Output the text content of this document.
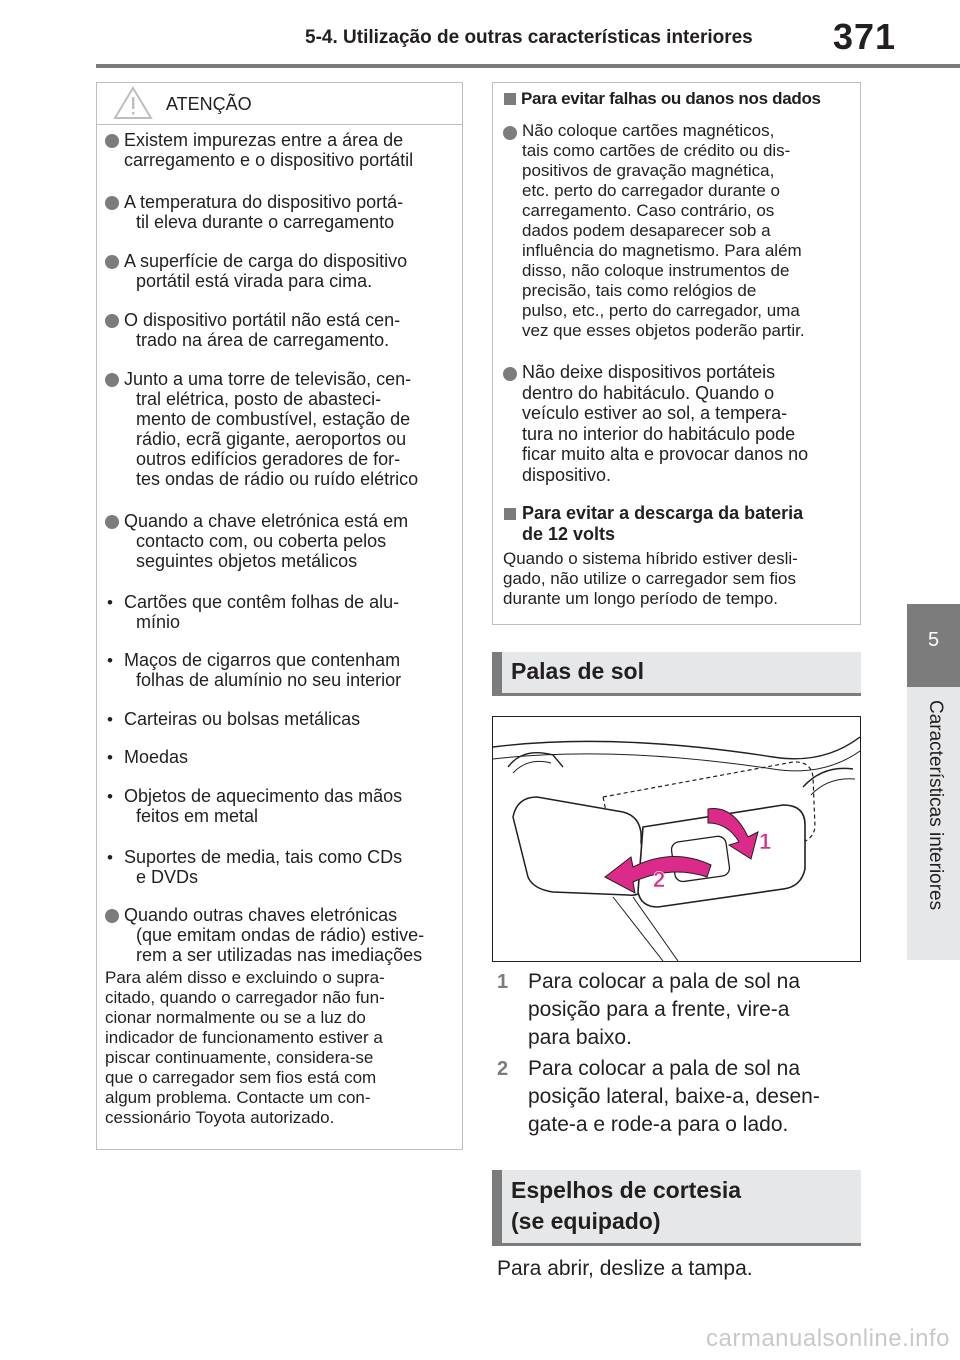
5-4. Utilização de outras características interiores 371
5
Características interiores
ATENÇÃO
Existem impurezas entre a área de
carregamento e o dispositivo portátil
A temperatura do dispositivo portá-
til eleva durante o carregamento
A superfície de carga do dispositivo
portátil está virada para cima.
O dispositivo portátil não está cen-
trado na área de carregamento.
Junto a uma torre de televisão, cen-
tral elétrica, posto de abasteci-
mento de combustível, estação de
rádio, ecrã gigante, aeroportos ou
outros edifícios geradores de for-
tes ondas de rádio ou ruído elétrico
Quando a chave eletrónica está em
contacto com, ou coberta pelos
seguintes objetos metálicos
• Cartões que contêm folhas de alu-
mínio
• Maços de cigarros que contenham
folhas de alumínio no seu interior
• Carteiras ou bolsas metálicas
• Moedas
• Objetos de aquecimento das mãos
feitos em metal
• Suportes de media, tais como CDs
e DVDs
Quando outras chaves eletrónicas
(que emitam ondas de rádio) estive-
rem a ser utilizadas nas imediações
Para além disso e excluindo o supra-
citado, quando o carregador não fun-
cionar normalmente ou se a luz do
indicador de funcionamento estiver a
piscar continuamente, considera-se
que o carregador sem fios está com
algum problema. Contacte um con-
cessionário Toyota autorizado.
Para evitar falhas ou danos nos dados
Não coloque cartões magnéticos,
tais como cartões de crédito ou dis-
positivos de gravação magnética,
etc. perto do carregador durante o
carregamento. Caso contrário, os
dados podem desaparecer sob a
influência do magnetismo. Para além
disso, não coloque instrumentos de
precisão, tais como relógios de
pulso, etc., perto do carregador, uma
vez que esses objetos poderão partir.
Não deixe dispositivos portáteis
dentro do habitáculo. Quando o
veículo estiver ao sol, a tempera-
tura no interior do habitáculo pode
ficar muito alta e provocar danos no
dispositivo.
Para evitar a descarga da bateria
de 12 volts
Quando o sistema híbrido estiver desli-
gado, não utilize o carregador sem fios
durante um longo período de tempo.
Palas de sol
1
2
1 Para colocar a pala de sol na
posição para a frente, vire-a
para baixo.
2 Para colocar a pala de sol na
posição lateral, baixe-a, desen-
gate-a e rode-a para o lado.
Espelhos de cortesia
(se equipado)
Para abrir, deslize a tampa.
carmanualsonline.info
